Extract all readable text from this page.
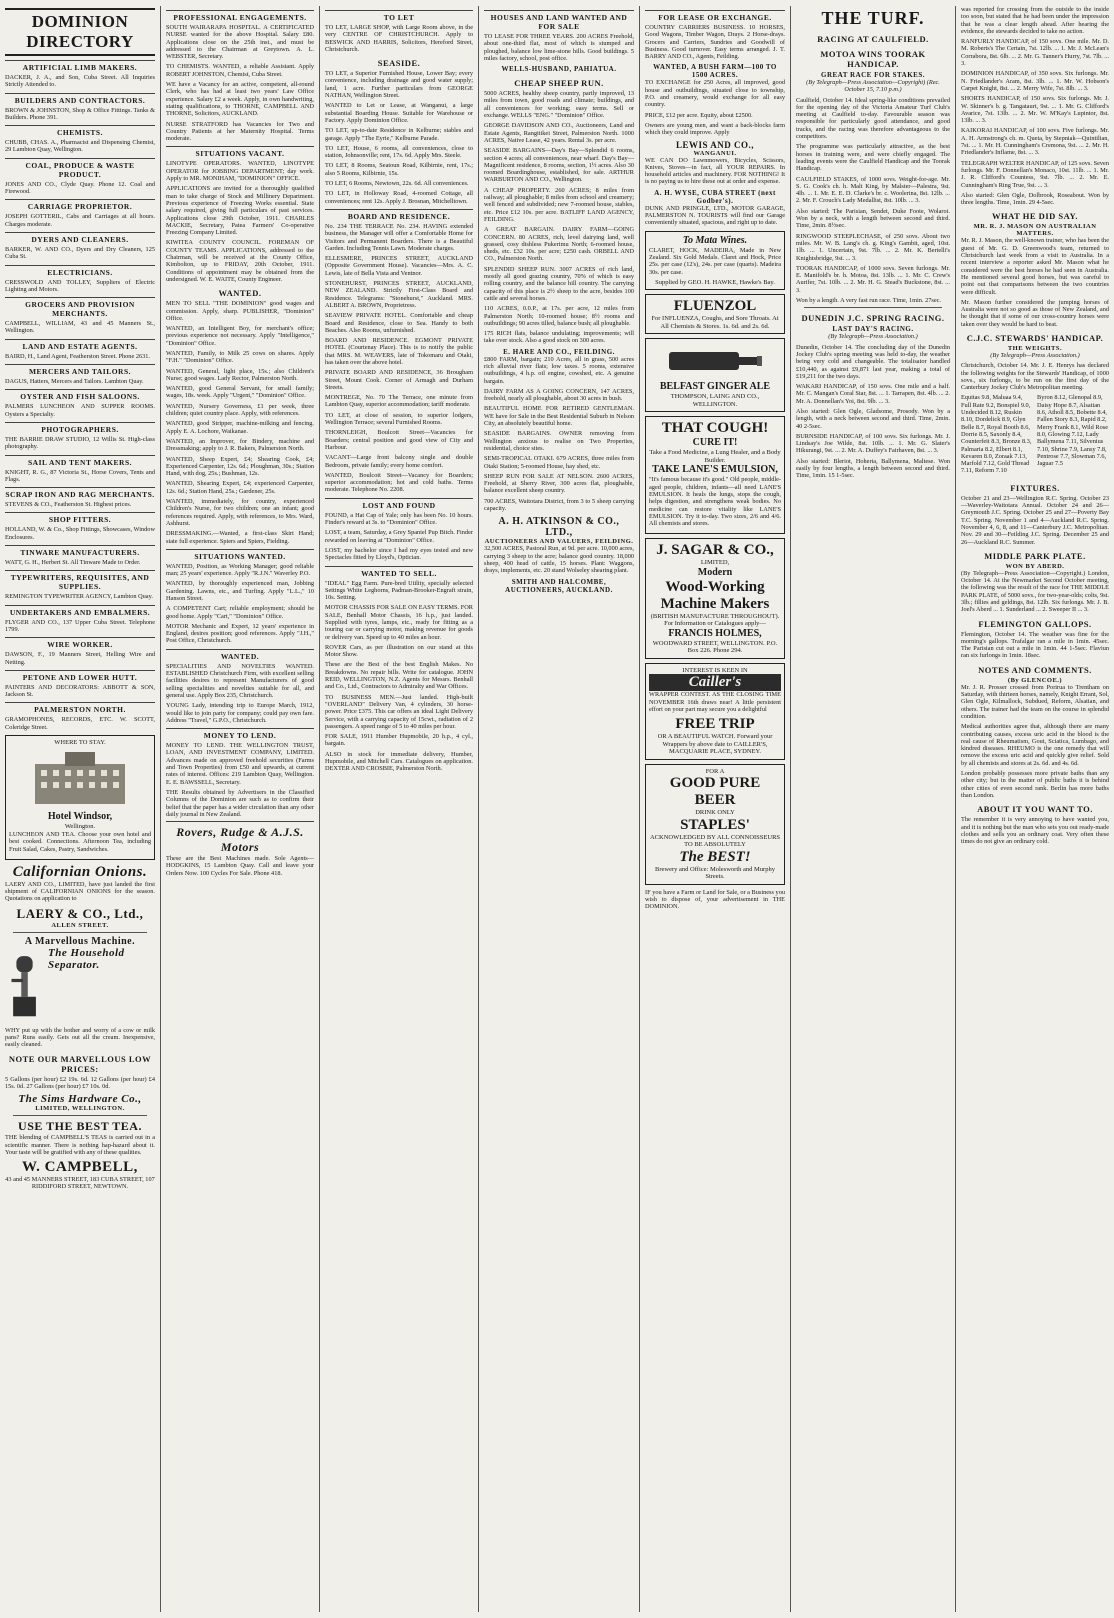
DOMINION DIRECTORY
ARTIFICIAL LIMB MAKERS.
DACKER, J. A., and Son, Cuba Street. All Inquiries Strictly Attended to.
BUILDERS AND CONTRACTORS.
BROWN & JOHNSTON, Shop & Office Fittings. Tanks & Builders. Phone 391.
CHEMISTS.
CHUBB, CHAS. A., Pharmacist and Dispensing Chemist, 29 Lambton Quay, Wellington.
COAL, PRODUCE & WASTE PRODUCT.
JONES AND CO., Clyde Quay. Phone 12. Coal and Firewood.
CARRIAGE PROPRIETOR.
JOSEPH GOTTERIL, Cabs and Carriages at all hours. Charges moderate.
DYERS AND CLEANERS.
BARKER, W. AND CO., Dyers and Dry Cleaners, 125 Cuba St.
ELECTRICIANS.
CRESSWOLD AND TOLLEY, Suppliers of Electric Lighting and Motors.
GROCERS AND PROVISION MERCHANTS.
CAMPBELL, WILLIAM, 43 and 45 Manners St., Wellington.
LAND AND ESTATE AGENTS.
BAIRD, H., Land Agent, Featherston Street. Phone 2631.
MERCERS AND TAILORS.
DAGUS, Hatters, Mercers and Tailors. Lambton Quay.
OYSTER AND FISH SALOONS.
PALMERS LUNCHEON AND SUPPER ROOMS. Oysters a Specialty.
PHOTOGRAPHERS.
THE BARRIE DRAW STUDIO, 12 Willis St. High-class photography.
SAIL AND TENT MAKERS.
KNIGHT, R. G., 87 Victoria St., Horse Covers, Tents and Flags.
SCRAP IRON AND RAG MERCHANTS.
STEVENS & CO., Featherston St. Highest prices.
SHOP FITTERS.
HOLLAND, W. & Co., Shop Fittings, Showcases, Window Enclosures.
TINWARE MANUFACTURERS.
WATT, G. H., Herbert St. All Tinware Made to Order.
TYPEWRITERS, REQUISITES, AND SUPPLIES.
REMINGTON TYPEWRITER AGENCY, Lambton Quay.
UNDERTAKERS AND EMBALMERS.
FLYGER AND CO., 137 Upper Cuba Street. Telephone 1799.
WIRE WORKER.
DAWSON, F., 19 Manners Street, Helling Wire and Netting.
PETONE AND LOWER HUTT.
PAINTERS AND DECORATORS: ABBOTT & SON, Jackson St.
PALMERSTON NORTH.
GRAMOPHONES, RECORDS, ETC. W. SCOTT, Coleridge Street.
WHERE TO STAY.
Hotel Windsor,
Wellington.
LUNCHEON AND TEA. Choose your own hotel and best cooked. Connections. Afternoon Tea, including Fruit Salad, Cakes, Pastry, Sandwiches.
Californian Onions.
LAERY AND CO., LIMITED, have just landed the first shipment of CALIFORNIAN ONIONS for the season. Quotations on application to
LAERY & CO., Ltd.,
ALLEN STREET.
A Marvellous Machine.
The Household Separator.
WHY put up with the bother and worry of a cow or milk pans? Runs easily. Gets out all the cream. Inexpensive, easily cleaned.
NOTE OUR MARVELLOUS LOW PRICES:
5 Gallons (per hour) £2 19s. 6d. 12 Gallons (per hour) £4 15s. 0d. 27 Gallons (per hour) £7 10s. 0d.
The Sims Hardware Co.,
LIMITED, WELLINGTON.
USE THE BEST TEA.
THE blending of CAMPBELL'S TEAS is carried out in a scientific manner. There is nothing hap-hazard about it. Your taste will be gratified with any of these qualities.
W. CAMPBELL,
43 and 45 MANNERS STREET, 183 CUBA STREET, 107 RIDDIFORD STREET, NEWTOWN.
PROFESSIONAL ENGAGEMENTS.
SOUTH WAIRARAPA HOSPITAL. A CERTIFICATED NURSE wanted for the above Hospital. Salary £80. Applications close on the 25th inst., and must be addressed to the Chairman at Greytown. A. L. WEBSTER, Secretary.
TO CHEMISTS. WANTED, a reliable Assistant. Apply ROBERT JOHNSTON, Chemist, Cuba Street.
WE have a Vacancy for an active, competent, all-round Clerk, who has had at least two years' Law Office experience. Salary £2 a week. Apply, in own handwriting, stating qualifications, to THORNE, CAMPBELL AND THORNE, Solicitors, AUCKLAND.
NURSE STRATFORD has Vacancies for Two and Country Patients at her Maternity Hospital. Terms moderate.
SITUATIONS VACANT.
LINOTYPE OPERATORS. WANTED, LINOTYPE OPERATOR for JOBBING DEPARTMENT; day work. Apply to MR. MONIHAM, "DOMINION" OFFICE.
APPLICATIONS are invited for a thoroughly qualified man to take charge of Stock and Millinery Department. Previous experience of Freezing Works essential. State salary required, giving full particulars of past services. Applications close 29th October, 1911. CHARLES MACKIE, Secretary, Patea Farmers' Co-operative Freezing Company Limited.
KIWITEA COUNTY COUNCIL. FOREMAN OF COUNTY TEAMS. APPLICATIONS, addressed to the Chairman, will be received at the County Office, Kimbolton, up to FRIDAY, 20th October, 1911. Conditions of appointment may be obtained from the undersigned. W. E. WAITE, County Engineer.
WANTED.
MEN TO SELL "THE DOMINION" good wages and commission. Apply, sharp. PUBLISHER, "Dominion" Office.
WANTED, an Intelligent Boy, for merchant's office; previous experience not necessary. Apply "Intelligence," "Dominion" Office.
WANTED, Family, to Milk 25 cows on shares. Apply "F.H." "Dominion" Office.
WANTED, General, light place, 15s.; also Children's Nurse; good wages. Lady Rector, Palmerston North.
WANTED, good General Servant, for small family; wages, 18s. week. Apply "Urgent," "Dominion" Office.
WANTED, Nursery Governess, £1 per week, three children; quiet country place. Apply, with references.
WANTED, good Stripper, machine-milking and fencing. Apply E. A. Lochore, Waikanae.
WANTED, an Improver, for Bindery, machine and Dressmaking; apply to J. R. Bakers, Palmerston North.
WANTED, Sheep Expert, £4; Shearing Cook, £4; Experienced Carpenter, 12s. 6d.; Ploughman, 30s.; Station Hand, with dog, 25s.; Bushman, 12s.
WANTED, Shearing Expert, £4; experienced Carpenter, 12s. 6d.; Station Hand, 25s.; Gardener, 25s.
WANTED, immediately, for country, experienced Children's Nurse, for two children; one an infant; good references required. Apply, with references, to Mrs. Ward, Ashhurst.
DRESSMAKING.—Wanted, a first-class Skirt Hand; state full experience. Spiers and Spiers, Fielding.
SITUATIONS WANTED.
WANTED, Position, as Working Manager; good reliable man; 25 years' experience. Apply "R.J.N." Waverley P.O.
WANTED, by thoroughly experienced man, Jobbing Gardening. Lawns, etc., and Turfing. Apply "L.L.," 10 Hanson Street.
A COMPETENT Cart; reliable employment; should be good home. Apply "Cart," "Dominion" Office.
MOTOR Mechanic and Expert, 12 years' experience in England, desires position; good references. Apply "J.H.," Post Office, Christchurch.
WANTED.
SPECIALITIES AND NOVELTIES WANTED. ESTABLISHED Christchurch Firm, with excellent selling facilities desires to represent Manufacturers of good selling specialities and novelties suitable for all, and general use. Apply Box 235, Christchurch.
YOUNG Lady, intending trip to Europe March, 1912, would like to join party for company; could pay own fare. Address "Travel," G.P.O., Christchurch.
MONEY TO LEND.
MONEY TO LEND. THE WELLINGTON TRUST, LOAN, AND INVESTMENT COMPANY, LIMITED. Advances made on approved freehold securities (Farms and Town Properties) from £50 and upwards, at current rates of interest. Offices: 219 Lambton Quay, Wellington. E. E. BAWSSELL, Secretary.
THE Results obtained by Advertisers in the Classified Columns of the Dominion are such as to confirm their belief that the paper has a wider circulation than any other daily journal in New Zealand.
Rovers, Rudge & A.J.S. Motors
These are the Best Machines made. Sole Agents—HODGKINS, 15 Lambton Quay. Call and leave your Orders Now. 100 Cycles For Sale. Phone 418.
TO LET
TO LET, LARGE SHOP, with Large Room above, in the very CENTRE OF CHRISTCHURCH. Apply to BESWICK AND HARRIS, Solicitors, Hereford Street, Christchurch.
SEASIDE.
TO LET, a Superior Furnished House, Lower Bay; every convenience, including drainage and good water supply; land, 1 acre. Further particulars from GEORGE NATHAN, Wellington Street.
WANTED to Let or Lease, at Wanganui, a large substantial Boarding House. Suitable for Warehouse or Factory. Apply Dominion Office.
TO LET, up-to-date Residence in Kelburne; stables and garage. Apply "The Eyrie," Kelburne Parade.
TO LET, House, 6 rooms, all conveniences, close to station, Johnsonville; rent, 17s. 6d. Apply Mrs. Steele.
TO LET, 8 Rooms, Seatoun Road, Kilbirnie, rent, 17s.; also 5 Rooms, Kilbirnie, 15s.
TO LET, 6 Rooms, Newtown, 22s. 6d. All conveniences.
TO LET, in Holloway Road, 4-roomed Cottage, all conveniences; rent 12s. Apply J. Brosnan, Mitchelltown.
BOARD AND RESIDENCE.
No. 234 THE TERRACE No. 234. HAVING extended business, the Manager will offer a Comfortable Home for Visitors and Permanent Boarders. There is a Beautiful Garden. Including Tennis Lawn. Moderate charges.
ELLESMERE, PRINCES STREET, AUCKLAND (Opposite Government House). Vacancies—Mrs. A. C. Lewis, late of Bella Vista and Ventnor.
STONEHURST, PRINCES STREET, AUCKLAND, NEW ZEALAND. Strictly First-Class Board and Residence. Telegrams: "Stonehurst," Auckland. MRS. ALBERT A. BROWN, Proprietress.
SEAVIEW PRIVATE HOTEL. Comfortable and cheap Board and Residence, close to Sea. Handy to both Beaches. Also Rooms, unfurnished.
BOARD AND RESIDENCE. EGMONT PRIVATE HOTEL (Courtenay Place). This is to notify the public that MRS. M. WEAVERS, late of Tokomaru and Otaki, has taken over the above hotel.
PRIVATE BOARD AND RESIDENCE, 36 Brougham Street, Mount Cook. Corner of Armagh and Durham Streets.
MONTREGE, No. 70 The Terrace, one minute from Lambton Quay, superior accommodation; tariff moderate.
TO LET, at close of session, to superior lodgers, Wellington Terrace; several Furnished Rooms.
THORNLEIGH, Boulcott Street—Vacancies for Boarders; central position and good view of City and Harbour.
VACANT—Large front balcony single and double Bedroom, private family; every home comfort.
WANTED, Boulcott Street—Vacancy for Boarders; superior accommodation; hot and cold baths. Terms moderate. Telephone No. 2208.
LOST AND FOUND
FOUND, a Hat Cap of Yale; only has been No. 10 hours. Finder's reward at 3s. to "Dominion" Office.
LOST, a team, Saturday, a Grey Spaniel Pup Bitch. Finder rewarded on leaving at "Dominion" Office.
LOST, my bachelor since I had my eyes tested and new Spectacles fitted by Lloyd's, Optician.
WANTED TO SELL.
"IDEAL" Egg Farm. Pure-bred Utility, specially selected Settings White Leghorns, Padman-Brooker-Engraft strain, 10s. Setting.
MOTOR CHASSIS FOR SALE ON EASY TERMS. FOR SALE, Benhall Motor Chassis, 16 h.p., just landed. Supplied with tyres, lamps, etc., ready for fitting as a touring car or carrying motor, making revenue for goods or delivery van. Speed up to 40 miles an hour.
ROVER Cars, as per illustration on our stand at this Motor Show.
These are the Best of the best English Makes. No Breakdowns. No repair bills. Write for catalogue. JOHN REID, WELLINGTON, N.Z. Agents for Messrs. Benhall and Co., Ltd., Contractors to Admiralty and War Offices.
TO BUSINESS MEN.—Just landed. High-built "OVERLAND" Delivery Van, 4 cylinders, 30 horse-power. Price £375. This car offers an ideal Light Delivery Service, with a carrying capacity of 15cwt., radiation of 2 passengers. A speed range of 5 to 40 miles per hour.
FOR SALE, 1911 Humber Hupmobile, 20 h.p., 4 cyl., bargain.
ALSO in stock for immediate delivery, Humber, Hupmobile, and Mitchell Cars. Catalogues on application. DEXTER AND CROSBIE, Palmerston North.
HOUSES AND LAND WANTED AND FOR SALE
TO LEASE FOR THREE YEARS. 200 ACRES Freehold, about one-third flat, most of which is stumped and ploughed, balance low lime-stone hills. Good buildings. 5 miles factory, school, post office.
WELLS-HUSBAND, PAHIATUA.
CHEAP SHEEP RUN.
5000 ACRES, healthy sheep country, partly improved, 13 miles from town, good roads and climate; buildings, and all conveniences for working; easy terms. Sell or exchange. WELLS "ENG." "Dominion" Office.
GEORGE DAVIDSON AND CO., Auctioneers, Land and Estate Agents, Rangitikei Street, Palmerston North. 1000 ACRES, Native Lease, 42 years. Rental 3s. per acre.
SEASIDE BARGAINS—Day's Bay—Splendid 6 rooms, section 4 acres; all conveniences, near wharf. Day's Bay—Magnificent residence, 8 rooms, section, 1½ acres. Also 30 roomed Boardinghouse, established, for sale. ARTHUR WARBURTON AND CO., Wellington.
A CHEAP PROPERTY. 260 ACRES; 8 miles from railway; all ploughable; 8 miles from school and creamery; well fenced and subdivided; new 7-roomed house, stables, etc. Price £12 10s. per acre. BATLIFF LAND AGENCY, FEILDING.
A GREAT BARGAIN. DAIRY FARM—GOING CONCERN. 80 ACRES, rich, level dairying land, well grassed, cosy dishless Pukerimu North; 6-roomed house, sheds, etc. £32 10s. per acre; £250 cash. ORBELL AND CO., Palmerston North.
SPLENDID SHEEP RUN. 3007 ACRES of rich land, mostly all good grazing country, 70% of which is easy rolling country, and the balance hill country. The carrying capacity of this place is 2½ sheep to the acre, besides 100 cattle and several horses.
110 ACRES, 0.0.P., at 17s. per acre, 12 miles from Palmerston North; 10-roomed house; 8½ rooms and outbuildings; 90 acres tilled, balance bush; all ploughable.
175 RICH flats, balance undulating; improvements; will take over stock. Also a good stock on 300 acres.
E. HARE AND CO., FEILDING.
£800 FARM, bargain; 210 Acres, all in grass, 500 acres rich alluvial river flats; low taxes. 5 rooms, extensive outbuildings, 4 h.p. oil engine, cowshed, etc. A genuine bargain.
DAIRY FARM AS A GOING CONCERN, 147 ACRES, freehold, nearly all ploughable, about 30 acres in bush.
BEAUTIFUL HOME FOR RETIRED GENTLEMAN. WE have for Sale in the Best Residential Suburb in Nelson City, an absolutely beautiful home.
SEASIDE BARGAINS. OWNER removing from Wellington anxious to realise on Two Properties, residential, choice sites.
SEMI-TROPICAL OTAKI. 679 ACRES, three miles from Otaki Station; 5-roomed House, hay shed, etc.
SHEEP RUN FOR SALE AT NELSON. 2600 ACRES, Freehold, at Sherry River, 300 acres flat, ploughable, balance excellent sheep country.
700 ACRES, Waitotara District, from 3 to 5 sheep carrying capacity.
A. H. ATKINSON & CO., LTD.,
AUCTIONEERS AND VALUERS, FEILDING.
32,500 ACRES, Pastoral Run, at 9d. per acre. 10,000 acres, carrying 3 sheep to the acre; balance good country. 18,000 sheep, 400 head of cattle, 15 horses. Plant: Waggons, drays, implements, etc. 20 stand Wolseley shearing plant.
SMITH AND HALCOMBE, AUCTIONEERS, AUCKLAND.
FOR LEASE OR EXCHANGE.
COUNTRY CARRIERS BUSINESS. 10 HORSES, Good Wagons, Timber Wagon, Drays. 2 Horse-drays. Grocers and Carriers, Sundries and Goodwill of Business. Good turnover. Easy terms arranged. J. T. BARRY AND CO., Agents, Feilding.
WANTED, A BUSH FARM—100 TO 1500 ACRES.
TO EXCHANGE for 250 Acres, all improved, good house and outbuildings, situated close to township, P.O. and creamery, would exchange for all easy country.
PRICE, £12 per acre. Equity, about £2500.
Owners are young men, and want a back-blocks farm which they could improve. Apply
LEWIS AND CO.,
WANGANUI.
WE CAN DO Lawnmowers, Bicycles, Scissors, Knives, Stoves—in fact, all YOUR REPAIRS. In household articles and machinery. FOR NOTHING! It is no paying us to hire these out at order and expense.
A. H. WYSE, CUBA STREET (next Godber's).
DUNK AND PRINGLE, LTD., MOTOR GARAGE, PALMERSTON N. TOURISTS will find our Garage conveniently situated, spacious, and right up to date.
To Mata Wines.
CLARET, HOCK, MADEIRA, Made in New Zealand. Six Gold Medals. Claret and Hock, Price 25s. per case (12's), 24s. per case (quarts). Madeira 30s. per case.
Supplied by GEO. H. HAWKE, Hawke's Bay.
FLUENZOL
For INFLUENZA, Coughs, and Sore Throats. At All Chemists & Stores. 1s. 6d. and 2s. 6d.
BELFAST GINGER ALE
THOMPSON, LAING AND CO., WELLINGTON.
THAT COUGH!
CURE IT!
Take a Food Medicine, a Lung Healer, and a Body Builder.
TAKE LANE'S EMULSION,
"It's famous because it's good." Old people, middle-aged people, children, infants—all need LANE'S EMULSION. It heals the lungs, stops the cough, helps digestion, and strengthens weak bodies. No medicine can restore vitality like LANE'S EMULSION. Try it to-day. Two sizes, 2/6 and 4/6. All chemists and stores.
J. SAGAR & CO.,
LIMITED,
Modern
Wood-Working Machine Makers
(BRITISH MANUFACTURE THROUGHOUT).
For Information or Catalogues apply—
FRANCIS HOLMES,
WOODWARD STREET, WELLINGTON. P.O. Box 226. Phone 294.
INTEREST IS KEEN IN
Cailler's
WRAPPER CONTEST. AS THE CLOSING TIME NOVEMBER 16th draws near! A little persistent effort on your part may secure you a delightful
FREE TRIP
OR A BEAUTIFUL WATCH. Forward your Wrappers by above date to CAILLER'S, MACQUARIE PLACE, SYDNEY.
FOR A
GOOD PURE BEER
DRINK ONLY
STAPLES'
ACKNOWLEDGED BY ALL CONNOISSEURS TO BE ABSOLUTELY
The BEST!
Brewery and Office: Molesworth and Murphy Streets.
IF you have a Farm or Land for Sale, or a Business you wish to dispose of, your advertisement in THE DOMINION.
THE TURF.
RACING AT CAULFIELD.
MOTOA WINS TOORAK HANDICAP.
GREAT RACE FOR STAKES.
(By Telegraph—Press Association—Copyright) (Rec. October 15, 7.10 p.m.)
Caulfield, October 14. Ideal spring-like conditions prevailed for the opening day of the Victoria Amateur Turf Club's meeting at Caulfield to-day. Favourable season was responsible for particularly good attendance, and good tracks, and the racing was therefore advantageous to the competitors.
The programme was particularly attractive, as the best horses in training were, and were chiefly engaged. The leading events were the Caulfield Handicap and the Toorak Handicap.
CAULFIELD STAKES, of 1000 sovs. Weight-for-age. Mr. S. G. Cook's ch. h. Malt King, by Malster—Palestra, 9st. 4lb. ... 1. Mr. E. E. D. Clarke's br. c. Woolerina, 8st. 12lb. ... 2. Mr. F. Crouch's Lady Medallist, 8st. 10lb. ... 3.
Also started: The Parisian, Sendet, Duke Foote, Wolaroi. Won by a neck, with a length between second and third. Time, 2min. 8½sec.
RINGWOOD STEEPLECHASE, of 250 sovs. About two miles. Mr. W. B. Lang's ch. g. King's Gambit, aged, 10st. 1lb. ... 1. Uncertain, 9st. 7lb. ... 2. Mr. K. Bertelli's Knightsbridge, 9st. ... 3.
TOORAK HANDICAP, of 1000 sovs. Seven furlongs. Mr. E. Manifold's br. h. Motoa, 8st. 13lb. ... 1. Mr. C. Crew's Aurifer, 7st. 10lb. ... 2. Mr. H. G. Stead's Buckstone, 8st. ... 3.
Won by a length. A very fast run race. Time, 1min. 27sec.
DUNEDIN J.C. SPRING RACING.
LAST DAY'S RACING.
(By Telegraph—Press Association.)
Dunedin, October 14. The concluding day of the Dunedin Jockey Club's spring meeting was held to-day, the weather being very cold and changeable. The totalisator handled £10,440, as against £9,871 last year, making a total of £19,211 for the two days.
WAKARI HANDICAP, of 150 sovs. One mile and a half. Mr. C. Mangan's Coral Star, 8st. ... 1. Tarrapen, 8st. 4lb. ... 2. Mr. A. Donnellan's Yoi, 8st. 9lb. ... 3.
Also started: Glen Ogle, Gladsome, Prosody. Won by a length, with a neck between second and third. Time, 2min. 40 2-5sec.
BURNSIDE HANDICAP, of 100 sovs. Six furlongs. Mr. J. Lindsay's Joe Wilde, 8st. 10lb. ... 1. Mr. G. Slater's Hikurangi, 9st. ... 2. Mr. A. Duffey's Fairhaven, 8st. ... 3.
Also started: Bleriot, Hoheria, Ballymena, Maltese. Won easily by four lengths, a length between second and third. Time, 1min. 15 1-5sec.
was reported for crossing from the outside to the inside too soon, but stated that he had been under the impression that he was a clear length ahead. After hearing the evidence, the stewards decided to take no action.
RANFURLY HANDICAP, of 150 sovs. One mile. Mr. D. M. Roberts's The Certain, 7st. 12lb. ... 1. Mr. J. McLean's Corrabora, 8st. 6lb. ... 2. Mr. G. Tanner's Hurry, 7st. 7lb. ... 3.
DOMINION HANDICAP, of 350 sovs. Six furlongs. Mr. N. Friedlander's Aram, 8st. 3lb. ... 1. Mr. W. Hobson's Carpet Knight, 8st. ... 2. Merry Wife, 7st. 8lb. ... 3.
SHORTS HANDICAP, of 150 sovs. Six furlongs. Mr. J. W. Skinner's b. g. Tangataurt, 9st. ... 1. Mr. G. Clifford's Avarice, 7st. 13lb. ... 2. Mr. W. M'Kay's Lupintor, 8st. 13lb. ... 3.
KAIKORAI HANDICAP, of 100 sovs. Five furlongs. Mr. A. H. Armstrong's ch. m. Queta, by Stepniak—Quintilian, 7st. ... 1. Mr. H. Cunningham's Cremona, 9st. ... 2. Mr. H. Friedlander's Inflame, 8st. ... 3.
TELEGRAPH WELTER HANDICAP, of 125 sovs. Seven furlongs. Mr. F. Donnellan's Monaco, 10st. 11lb. ... 1. Mr. J. R. Clifford's Countess, 9st. 7lb. ... 2. Mr. E. Cunningham's Ring True, 9st. ... 3.
Also started: Glen Ogle, Dolbrook, Roseabout. Won by three lengths. Time, 1min. 29 4-5sec.
WHAT HE DID SAY.
MR. R. J. MASON ON AUSTRALIAN MATTERS.
Mr. R. J. Mason, the well-known trainer, who has been the guest of Mr. G. D. Greenwood's team, returned to Christchurch last week from a visit to Australia. In a recent interview a reporter asked Mr. Mason what he considered were the best horses he had seen in Australia. He mentioned several good horses, but was careful to point out that comparisons between the two countries were difficult.
Mr. Mason further considered the jumping horses of Australia were not so good as those of New Zealand, and he thought that if some of our cross-country horses were taken over they would be hard to beat.
C.J.C. STEWARDS' HANDICAP.
THE WEIGHTS.
(By Telegraph—Press Association.)
Christchurch, October 14. Mr. J. E. Henrys has declared the following weights for the Stewards' Handicap, of 1000 sovs., six furlongs, to be run on the first day of the Canterbury Jockey Club's Metropolitan meeting.
Equitas 9.8, Maluaa 9.4, Full Rate 9.2, Bonspiel 9.0, Undecided 8.12, Ruskin 8.10, Dordelick 8.9, Glyn Belle 8.7, Royal Booth 8.6, Dorrie 8.5, Saxonly 8.4, Counterfeit 8.3, Bronze 8.3, Palmaria 8.2, Elbert 8.1, Kevaren 8.0, Zoraak 7.13, Marfold 7.12, Gold Thread 7.11, Reform 7.10
Byron 8.12, Glenopal 8.9, Daisy Hope 8.7, Alsatian 8.6, Atholl 8.5, Bobette 8.4, Fallen Story 8.3, Rapid 8.2, Merry Frank 8.1, Wild Rose 8.0, Glowing 7.12, Lady Ballymena 7.11, Silvenius 7.10, Shrine 7.9, Lansy 7.8, Pentrose 7.7, Slowman 7.6, Jaguar 7.5
FIXTURES.
October 21 and 23—Wellington R.C. Spring. October 23—Waverley-Waitotara Annual. October 24 and 26—Greymouth J.C. Spring. October 25 and 27—Poverty Bay T.C. Spring. November 1 and 4—Auckland R.C. Spring. November 4, 6, 8, and 11—Canterbury J.C. Metropolitan. Nov. 29 and 30—Feilding J.C. Spring. December 25 and 26—Auckland R.C. Summer.
MIDDLE PARK PLATE.
WON BY ABERD.
(By Telegraph—Press Association—Copyright.) London, October 14. At the Newmarket Second October meeting, the following was the result of the race for THE MIDDLE PARK PLATE, of 5000 sovs., for two-year-olds; colts, 9st. 3lb.; fillies and geldings, 8st. 12lb. Six furlongs. Mr. J. B. Joel's Aberd ... 1. Sunderland ... 2. Sweeper II ... 3.
FLEMINGTON GALLOPS.
Flemington, October 14. The weather was fine for the morning's gallops. Trafalgar ran a mile in 1min. 45sec. The Parisian cut out a mile in 1min. 44 1-5sec. Flaviun ran six furlongs in 1min. 18sec.
NOTES AND COMMENTS.
(By GLENCOE.)
Mr. J. R. Prosser crossed from Porirua to Trentham on Saturday, with thirteen horses, namely, Knight Errant, Sol, Glen Ogle, Kilmallock, Subdued, Reform, Alsatian, and others. The trainer had the team on the course in splendid condition.
Medical authorities agree that, although there are many contributing causes, excess uric acid in the blood is the real cause of Rheumatism, Gout, Sciatica, Lumbago, and kindred diseases. RHEUMO is the one remedy that will remove the excess uric acid and quickly give relief. Sold by all chemists and stores at 2s. 6d. and 4s. 6d.
London probably possesses more private baths than any other city; but in the matter of public baths it is behind other cities of even second rank. Berlin has more baths than London.
ABOUT IT YOU WANT TO.
The remember it is very annoying to have wanted you, and it is nothing but the man who sets you out ready-made clothes and sells you an ordinary coat. Very often these times do not give an ordinary cold.
